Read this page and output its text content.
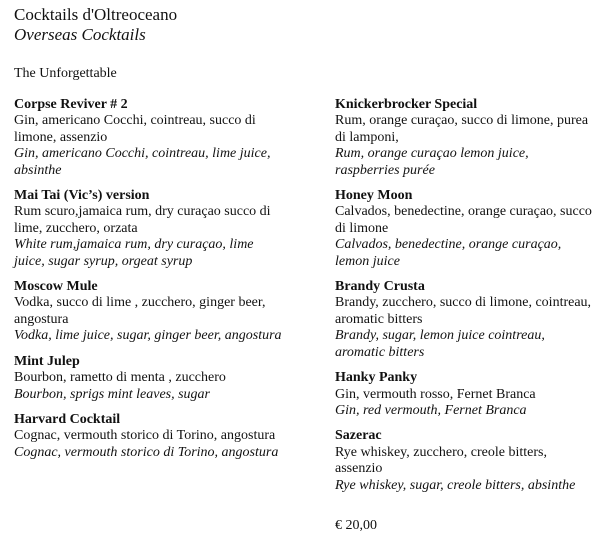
Cocktails d'Oltreoceano
Overseas Cocktails
The Unforgettable
Corpse Reviver # 2
Gin, americano Cocchi, cointreau, succo di limone, assenzio
Gin, americano Cocchi, cointreau, lime juice, absinthe
Mai Tai (Vic’s) version
Rum scuro,jamaica rum, dry curaçao succo di lime, zucchero, orzata
White rum,jamaica rum, dry curaçao, lime juice, sugar syrup, orgeat syrup
Moscow Mule
Vodka, succo di lime , zucchero, ginger beer, angostura
Vodka, lime juice, sugar, ginger beer, angostura
Mint Julep
Bourbon, rametto di menta , zucchero
Bourbon, sprigs mint leaves, sugar
Harvard Cocktail
Cognac, vermouth storico di Torino, angostura
Cognac, vermouth storico di Torino, angostura
Knickerbrocker Special
Rum, orange curaçao, succo di limone, purea di lamponi,
Rum, orange curaçao lemon juice, raspberries purée
Honey Moon
Calvados, benedectine, orange curaçao, succo di limone
Calvados, benedectine, orange curaçao, lemon juice
Brandy Crusta
Brandy, zucchero, succo di limone, cointreau, aromatic bitters
Brandy, sugar, lemon juice cointreau, aromatic bitters
Hanky Panky
Gin, vermouth rosso, Fernet Branca
Gin, red vermouth, Fernet Branca
Sazerac
Rye whiskey, zucchero, creole bitters, assenzio
Rye whiskey, sugar, creole bitters, absinthe
€ 20,00
